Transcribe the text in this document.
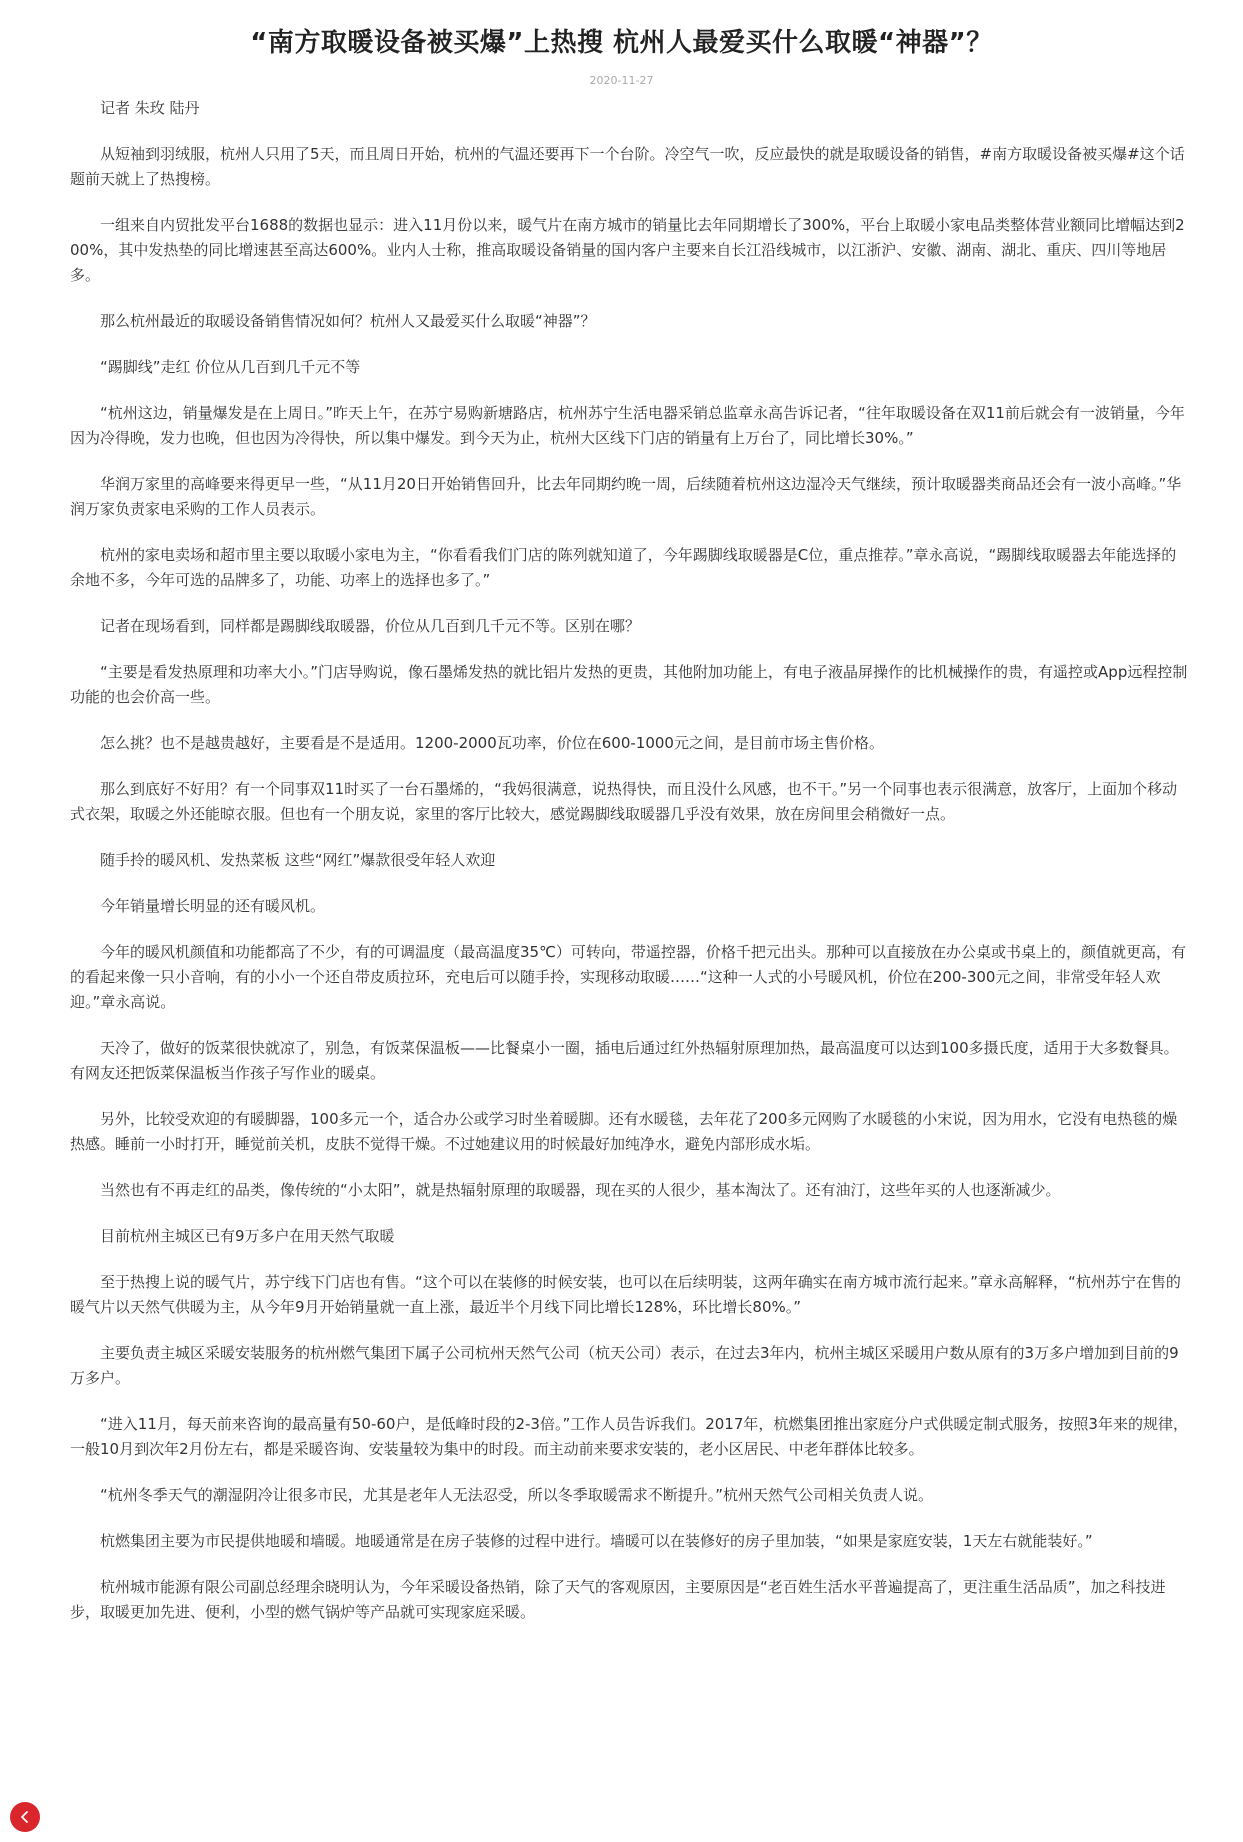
“南方取暖设备被买爆”上热搜 杭州人最爱买什么取暖“神器”？
2020-11-27

记者 朱玫 陆丹

从短袖到羽绒服，杭州人只用了5天，而且周日开始，杭州的气温还要再下一个台阶。冷空气一吹，反应最快的就是取暖设备的销售，#南方取暖设备被买爆#这个话题前天就上了热搜榜。

一组来自内贸批发平台1688的数据也显示：进入11月份以来，暖气片在南方城市的销量比去年同期增长了300%，平台上取暖小家电品类整体营业额同比增幅达到200%，其中发热垫的同比增速甚至高达600%。业内人士称，推高取暖设备销量的国内客户主要来自长江沿线城市，以江浙沪、安徽、湖南、湖北、重庆、四川等地居多。

那么杭州最近的取暖设备销售情况如何？杭州人又最爱买什么取暖“神器”？

“踢脚线”走红 价位从几百到几千元不等

“杭州这边，销量爆发是在上周日。”昨天上午，在苏宁易购新塘路店，杭州苏宁生活电器采销总监章永高告诉记者，“往年取暖设备在双11前后就会有一波销量，今年因为冷得晚，发力也晚，但也因为冷得快，所以集中爆发。到今天为止，杭州大区线下门店的销量有上万台了，同比增长30%。”

华润万家里的高峰要来得更早一些，“从11月20日开始销售回升，比去年同期约晚一周，后续随着杭州这边湿冷天气继续，预计取暖器类商品还会有一波小高峰。”华润万家负责家电采购的工作人员表示。

杭州的家电卖场和超市里主要以取暖小家电为主，“你看看我们门店的陈列就知道了，今年踢脚线取暖器是C位，重点推荐。”章永高说，“踢脚线取暖器去年能选择的余地不多，今年可选的品牌多了，功能、功率上的选择也多了。”

记者在现场看到，同样都是踢脚线取暖器，价位从几百到几千元不等。区别在哪？

“主要是看发热原理和功率大小。”门店导购说，像石墨烯发热的就比铝片发热的更贵，其他附加功能上，有电子液晶屏操作的比机械操作的贵，有遥控或App远程控制功能的也会价高一些。

怎么挑？也不是越贵越好，主要看是不是适用。1200-2000瓦功率，价位在600-1000元之间，是目前市场主售价格。

那么到底好不好用？有一个同事双11时买了一台石墨烯的，“我妈很满意，说热得快，而且没什么风感，也不干。”另一个同事也表示很满意，放客厅，上面加个移动式衣架，取暖之外还能晾衣服。但也有一个朋友说，家里的客厅比较大，感觉踢脚线取暖器几乎没有效果，放在房间里会稍微好一点。

随手拎的暖风机、发热菜板 这些“网红”爆款很受年轻人欢迎

今年销量增长明显的还有暖风机。

今年的暖风机颜值和功能都高了不少，有的可调温度（最高温度35℃）可转向，带遥控器，价格千把元出头。那种可以直接放在办公桌或书桌上的，颜值就更高，有的看起来像一只小音响，有的小小一个还自带皮质拉环，充电后可以随手拎，实现移动取暖……“这种一人式的小号暖风机，价位在200-300元之间，非常受年轻人欢迎。”章永高说。

天冷了，做好的饭菜很快就凉了，别急，有饭菜保温板——比餐桌小一圈，插电后通过红外热辐射原理加热，最高温度可以达到100多摄氏度，适用于大多数餐具。有网友还把饭菜保温板当作孩子写作业的暖桌。

另外，比较受欢迎的有暖脚器，100多元一个，适合办公或学习时坐着暖脚。还有水暖毯，去年花了200多元网购了水暖毯的小宋说，因为用水，它没有电热毯的燥热感。睡前一小时打开，睡觉前关机，皮肤不觉得干燥。不过她建议用的时候最好加纯净水，避免内部形成水垢。

当然也有不再走红的品类，像传统的“小太阳”，就是热辐射原理的取暖器，现在买的人很少，基本淘汰了。还有油汀，这些年买的人也逐渐减少。

目前杭州主城区已有9万多户在用天然气取暖

至于热搜上说的暖气片，苏宁线下门店也有售。“这个可以在装修的时候安装，也可以在后续明装，这两年确实在南方城市流行起来。”章永高解释，“杭州苏宁在售的暖气片以天然气供暖为主，从今年9月开始销量就一直上涨，最近半个月线下同比增长128%，环比增长80%。”

主要负责主城区采暖安装服务的杭州燃气集团下属子公司杭州天然气公司（杭天公司）表示，在过去3年内，杭州主城区采暖用户数从原有的3万多户增加到目前的9万多户。

“进入11月，每天前来咨询的最高量有50-60户，是低峰时段的2-3倍。”工作人员告诉我们。2017年，杭燃集团推出家庭分户式供暖定制式服务，按照3年来的规律，一般10月到次年2月份左右，都是采暖咨询、安装量较为集中的时段。而主动前来要求安装的，老小区居民、中老年群体比较多。

“杭州冬季天气的潮湿阴冷让很多市民，尤其是老年人无法忍受，所以冬季取暖需求不断提升。”杭州天然气公司相关负责人说。

杭燃集团主要为市民提供地暖和墙暖。地暖通常是在房子装修的过程中进行。墙暖可以在装修好的房子里加装，“如果是家庭安装，1天左右就能装好。”

杭州城市能源有限公司副总经理余晓明认为，今年采暖设备热销，除了天气的客观原因，主要原因是“老百姓生活水平普遍提高了，更注重生活品质”，加之科技进步，取暖更加先进、便利，小型的燃气锅炉等产品就可实现家庭采暖。
